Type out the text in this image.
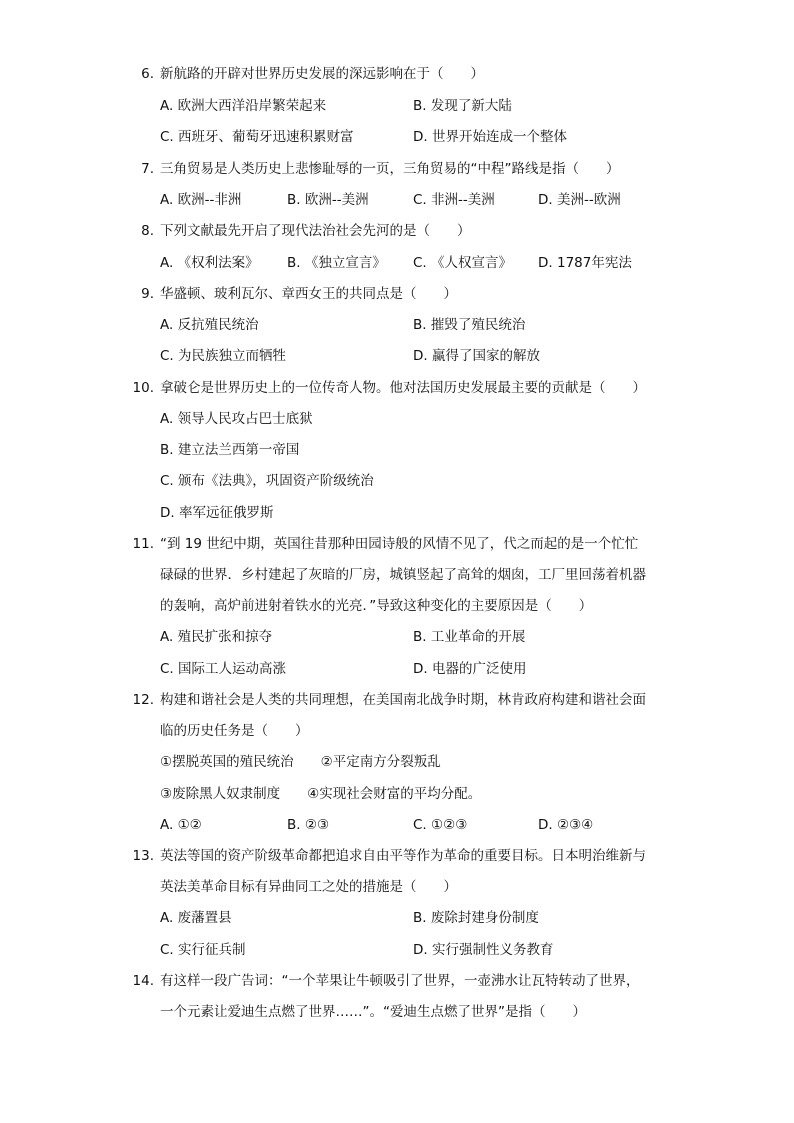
6. 新航路的开辟对世界历史发展的深远影响在于（　　）
A. 欧洲大西洋沿岸繁荣起来	B. 发现了新大陆
C. 西班牙、葡萄牙迅速积累财富	D. 世界开始连成一个整体
7. 三角贸易是人类历史上悲惨耻辱的一页，三角贸易的“中程”路线是指（　　）
A. 欧洲--非洲	B. 欧洲--美洲	C. 非洲--美洲	D. 美洲--欧洲
8. 下列文献最先开启了现代法治社会先河的是（　　）
A. 《权利法案》 B. 《独立宣言》 C. 《人权宣言》 D. 1787年宪法
9. 华盛顿、玻利瓦尔、章西女王的共同点是（　　）
A. 反抗殖民统治	B. 摧毁了殖民统治
C. 为民族独立而牺牲	D. 赢得了国家的解放
10. 拿破仑是世界历史上的一位传奇人物。他对法国历史发展最主要的贡献是（　　）
A. 领导人民攻占巴士底狱
B. 建立法兰西第一帝国
C. 颁布《法典》，巩固资产阶级统治
D. 率军远征俄罗斯
11. “到 19 世纪中期，英国往昔那种田园诗般的风情不见了，代之而起的是一个忙忙
碌碌的世界．乡村建起了灰暗的厂房，城镇竖起了高耸的烟囱，工厂里回荡着机器
的轰响，高炉前进射着铁水的光亮．”导致这种变化的主要原因是（　　）
A. 殖民扩张和掠夺	B. 工业革命的开展
C. 国际工人运动高涨	D. 电器的广泛使用
12. 构建和谐社会是人类的共同理想，在美国南北战争时期，林肯政府构建和谐社会面
临的历史任务是（　　）
①摆脱英国的殖民统治　　②平定南方分裂叛乱
③废除黑人奴隶制度　　④实现社会财富的平均分配。
A. ①②	B. ②③	C. ①②③	D. ②③④
13. 英法等国的资产阶级革命都把追求自由平等作为革命的重要目标。日本明治维新与
英法美革命目标有异曲同工之处的措施是（　　）
A. 废藩置县	B. 废除封建身份制度
C. 实行征兵制	D. 实行强制性义务教育
14. 有这样一段广告词：“一个苹果让牛顿吸引了世界，一壶沸水让瓦特转动了世界，
一个元素让爱迪生点燃了世界……”。“爱迪生点燃了世界”是指（　　）
